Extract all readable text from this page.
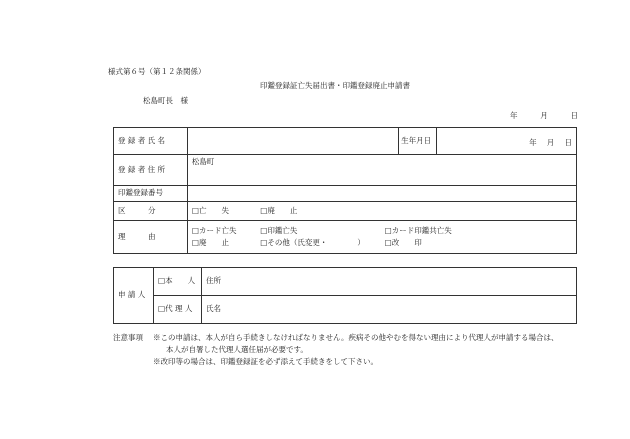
様式第６号（第１２条関係）
印鑑登録証亡失届出書・印鑑登録廃止申請書
松島町長　様
年	月	日
登 録 者 氏 名		生年月日	年 月 日

登 録 者 住 所	松島町		
印鑑登録番号			
区　　　分	□亡　　失 □廃　　止		
理　　　由	□カード亡失 □印鑑亡失 □カード印鑑共亡失
□廃　　止 □その他（氏変更・　　　　） □改　　印		
申 請 人	□本　　人	住所
	□代 理 人	氏名
注意事項 ※この申請は、本人が自ら手続きしなければなりません。疾病その他やむを得ない理由により代理人が申請する場合は、
本人が自署した代理人選任届が必要です。
※改印等の場合は、印鑑登録証を必ず添えて手続きをして下さい。
